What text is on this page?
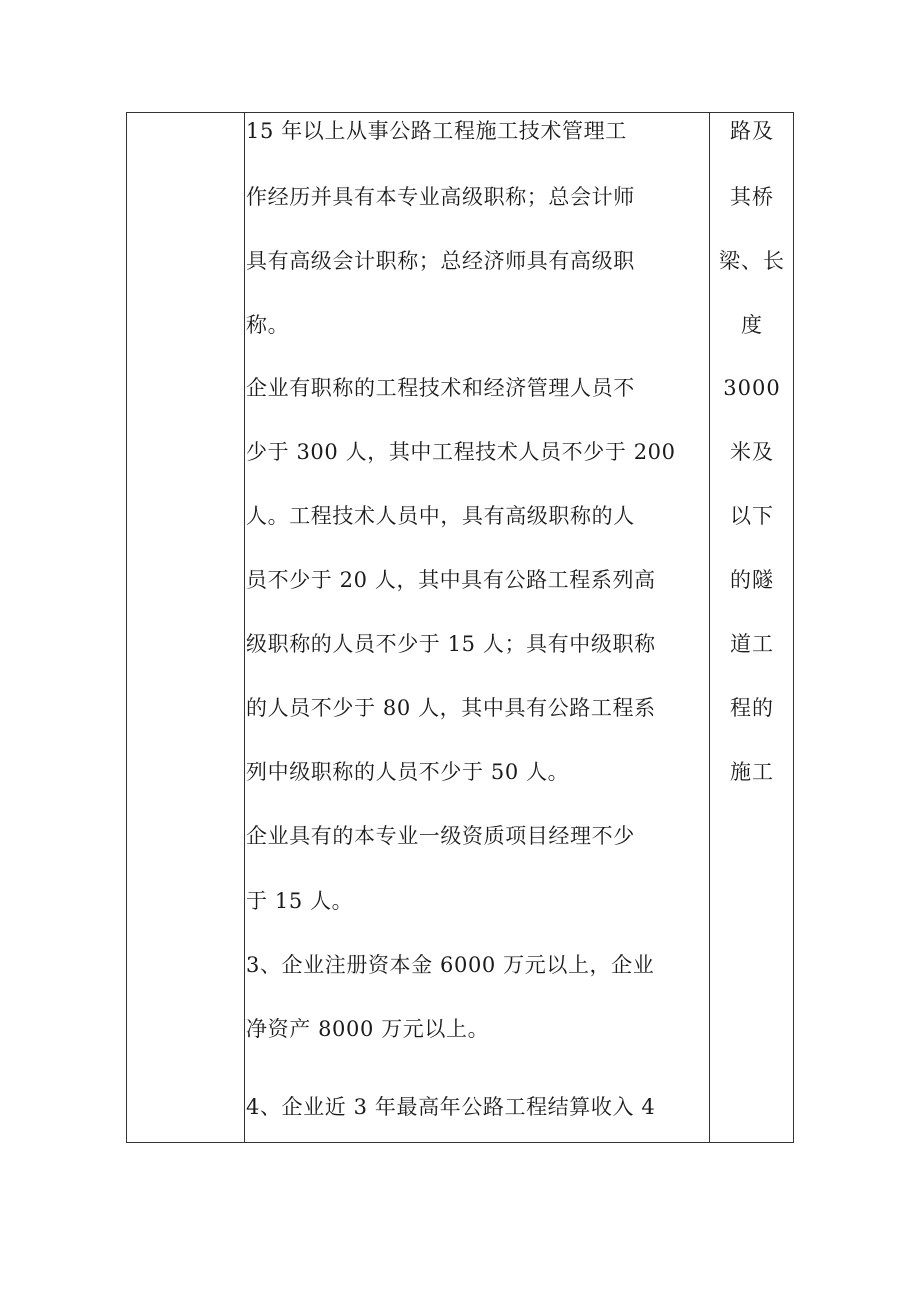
15 年以上从事公路工程施工技术管理工
作经历并具有本专业高级职称；总会计师
具有高级会计职称；总经济师具有高级职
称。
企业有职称的工程技术和经济管理人员不
少于 300 人，其中工程技术人员不少于 200
人。工程技术人员中，具有高级职称的人
员不少于 20 人，其中具有公路工程系列高
级职称的人员不少于 15 人；具有中级职称
的人员不少于 80 人，其中具有公路工程系
列中级职称的人员不少于 50 人。
企业具有的本专业一级资质项目经理不少
于 15 人。
3、企业注册资本金 6000 万元以上，企业
净资产 8000 万元以上。
4、企业近 3 年最高年公路工程结算收入 4
路及
其桥
梁、长
度
3000
米及
以下
的隧
道工
程的
施工
